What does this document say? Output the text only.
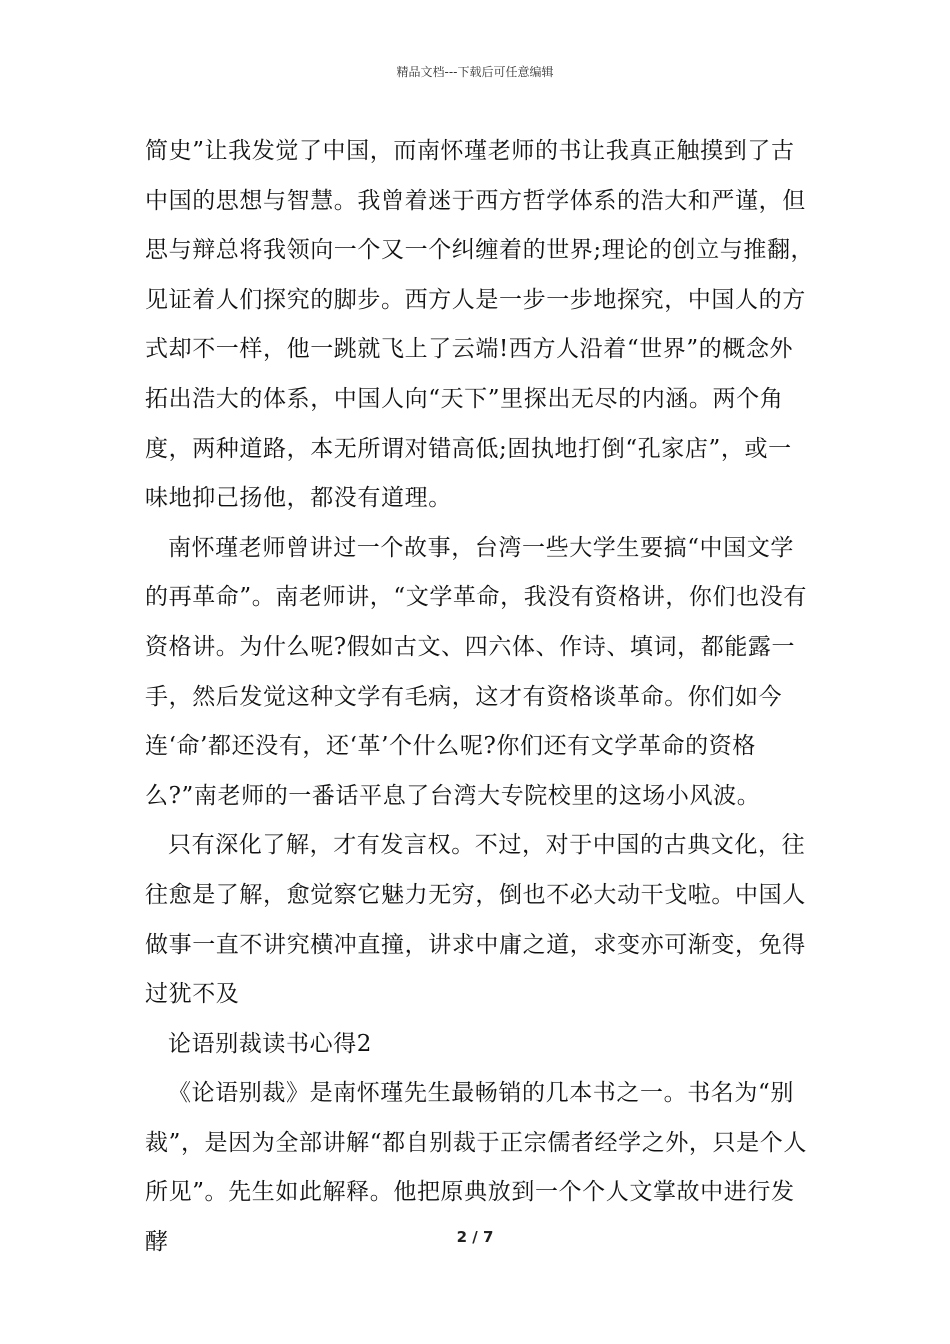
精品文档---下载后可任意编辑

简史”让我发觉了中国，而南怀瑾老师的书让我真正触摸到了古中国的思想与智慧。我曾着迷于西方哲学体系的浩大和严谨，但思与辩总将我领向一个又一个纠缠着的世界;理论的创立与推翻，见证着人们探究的脚步。西方人是一步一步地探究，中国人的方式却不一样，他一跳就飞上了云端!西方人沿着“世界”的概念外拓出浩大的体系，中国人向“天下”里探出无尽的内涵。两个角度，两种道路，本无所谓对错高低;固执地打倒“孔家店”，或一味地抑己扬他，都没有道理。

南怀瑾老师曾讲过一个故事，台湾一些大学生要搞“中国文学的再革命”。南老师讲，“文学革命，我没有资格讲，你们也没有资格讲。为什么呢?假如古文、四六体、作诗、填词，都能露一手，然后发觉这种文学有毛病，这才有资格谈革命。你们如今连‘命’都还没有，还‘革’个什么呢?你们还有文学革命的资格么?”南老师的一番话平息了台湾大专院校里的这场小风波。

只有深化了解，才有发言权。不过，对于中国的古典文化，往往愈是了解，愈觉察它魅力无穷，倒也不必大动干戈啦。中国人做事一直不讲究横冲直撞，讲求中庸之道，求变亦可渐变，免得过犹不及

论语别裁读书心得2

《论语别裁》是南怀瑾先生最畅销的几本书之一。书名为“别裁”，是因为全部讲解“都自别裁于正宗儒者经学之外，只是个人所见”。先生如此解释。他把原典放到一个个人文掌故中进行发酵	2 / 7
